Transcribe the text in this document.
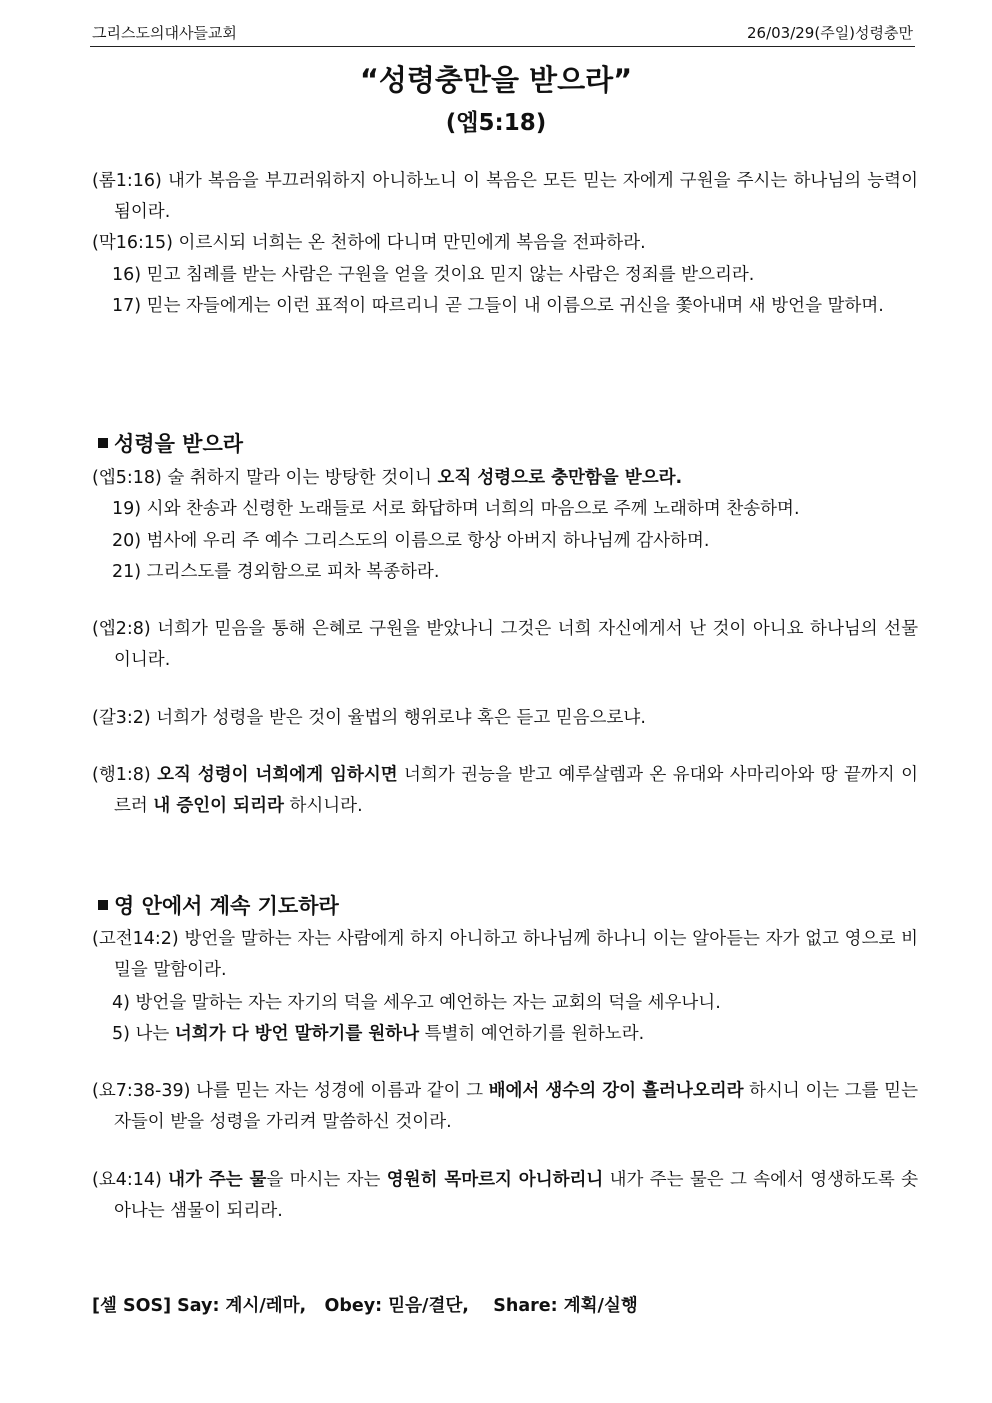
그리스도의대사들교회	26/03/29(주일)성령충만
“성령충만을 받으라”
(엡5:18)
(롬1:16) 내가 복음을 부끄러워하지 아니하노니 이 복음은 모든 믿는 자에게 구원을 주시는 하나님의 능력이 됨이라.
(막16:15) 이르시되 너희는 온 천하에 다니며 만민에게 복음을 전파하라.
16) 믿고 침례를 받는 사람은 구원을 얻을 것이요 믿지 않는 사람은 정죄를 받으리라.
17) 믿는 자들에게는 이런 표적이 따르리니 곧 그들이 내 이름으로 귀신을 쫓아내며 새 방언을 말하며.
성령을 받으라
(엡5:18) 술 취하지 말라 이는 방탕한 것이니 오직 성령으로 충만함을 받으라.
19) 시와 찬송과 신령한 노래들로 서로 화답하며 너희의 마음으로 주께 노래하며 찬송하며.
20) 범사에 우리 주 예수 그리스도의 이름으로 항상 아버지 하나님께 감사하며.
21) 그리스도를 경외함으로 피차 복종하라.
(엡2:8) 너희가 믿음을 통해 은혜로 구원을 받았나니 그것은 너희 자신에게서 난 것이 아니요 하나님의 선물이니라.
(갈3:2) 너희가 성령을 받은 것이 율법의 행위로냐 혹은 듣고 믿음으로냐.
(행1:8) 오직 성령이 너희에게 임하시면 너희가 권능을 받고 예루살렘과 온 유대와 사마리아와 땅 끝까지 이르러 내 증인이 되리라 하시니라.
영 안에서 계속 기도하라
(고전14:2) 방언을 말하는 자는 사람에게 하지 아니하고 하나님께 하나니 이는 알아듣는 자가 없고 영으로 비밀을 말함이라.
4) 방언을 말하는 자는 자기의 덕을 세우고 예언하는 자는 교회의 덕을 세우나니.
5) 나는 너희가 다 방언 말하기를 원하나 특별히 예언하기를 원하노라.
(요7:38-39) 나를 믿는 자는 성경에 이름과 같이 그 배에서 생수의 강이 흘러나오리라 하시니 이는 그를 믿는 자들이 받을 성령을 가리켜 말씀하신 것이라.
(요4:14) 내가 주는 물을 마시는 자는 영원히 목마르지 아니하리니 내가 주는 물은 그 속에서 영생하도록 솟아나는 샘물이 되리라.
[셀 SOS] Say: 계시/레마,   Obey: 믿음/결단,    Share: 계획/실행
